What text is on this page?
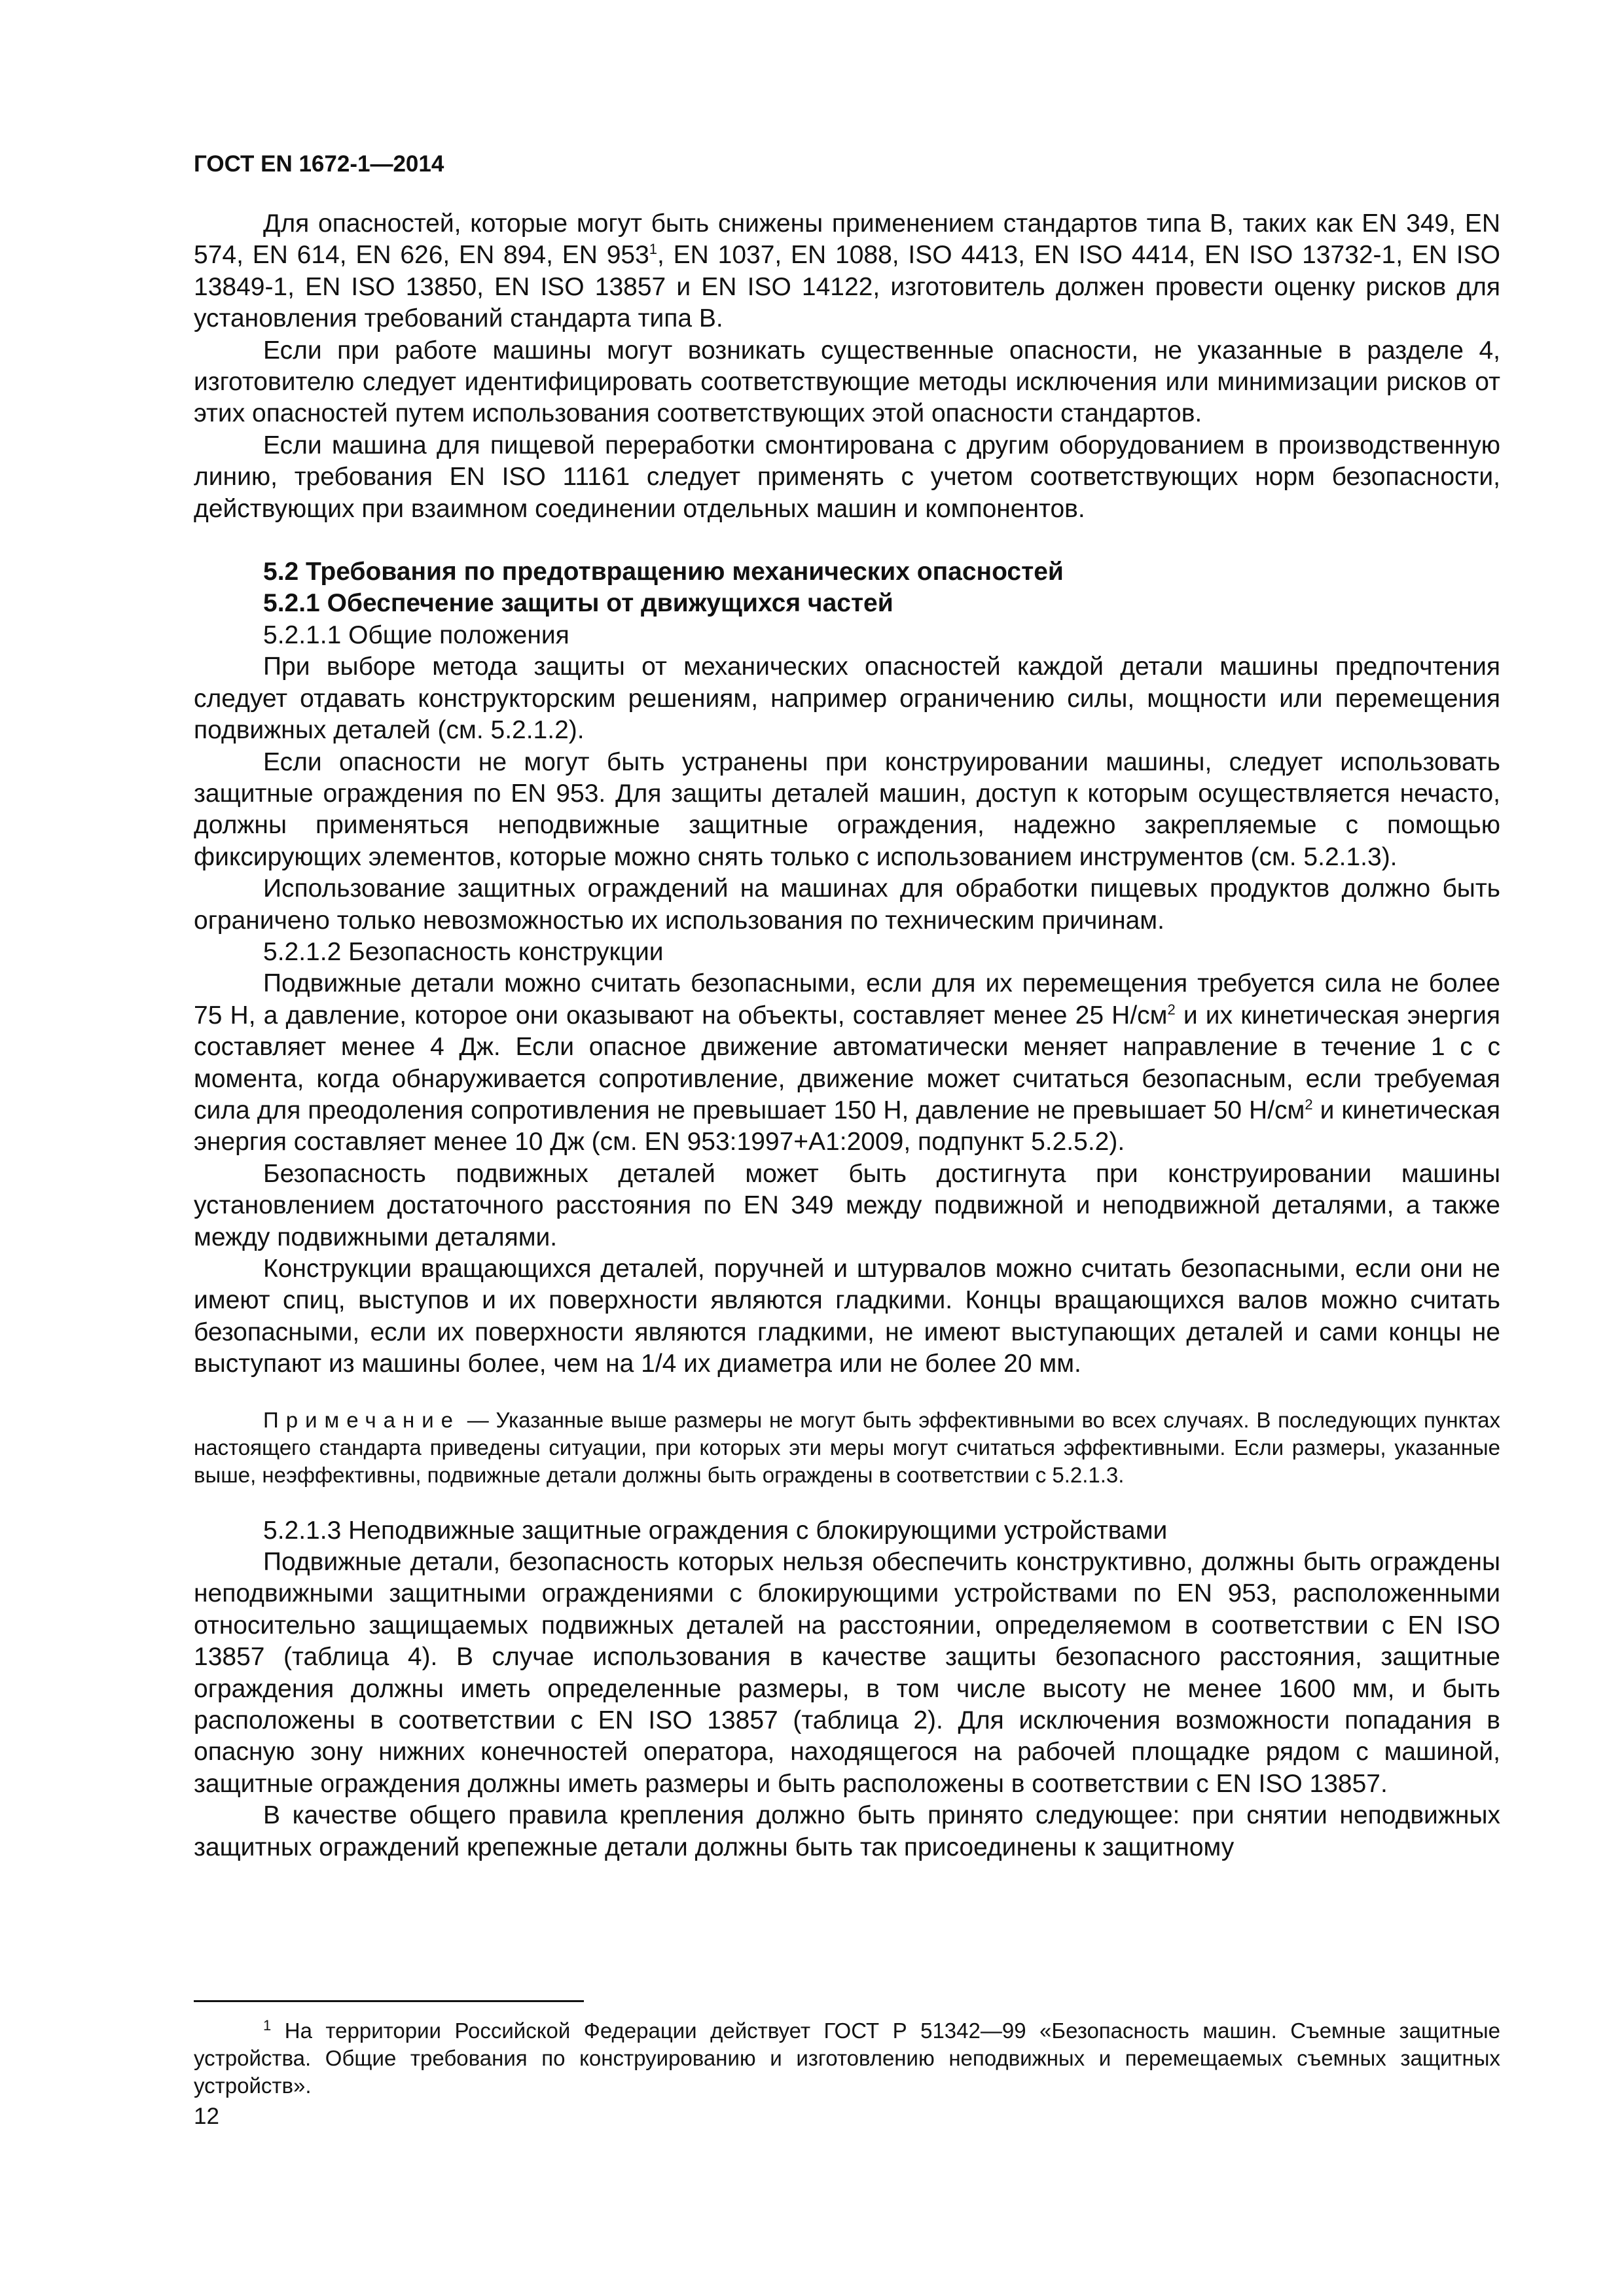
ГОСТ EN 1672-1—2014

Для опасностей, которые могут быть снижены применением стандартов типа B, таких как EN 349, EN 574, EN 614, EN 626, EN 894, EN $953^1$, EN 1037, EN 1088, ISO 4413, EN ISO 4414, EN ISO 13732-1, EN ISO 13849-1, EN ISO 13850, EN ISO 13857 и EN ISO 14122, изготовитель должен провести оценку рисков для установления требований стандарта типа B.

Если при работе машины могут возникать существенные опасности, не указанные в разделе 4, изготовителю следует идентифицировать соответствующие методы исключения или минимизации рисков от этих опасностей путем использования соответствующих этой опасности стандартов.

Если машина для пищевой переработки смонтирована с другим оборудованием в производственную линию, требования EN ISO 11161 следует применять с учетом соответствующих норм безопасности, действующих при взаимном соединении отдельных машин и компонентов.

5.2 Требования по предотвращению механических опасностей
5.2.1 Обеспечение защиты от движущихся частей
5.2.1.1 Общие положения

При выборе метода защиты от механических опасностей каждой детали машины предпочтения следует отдавать конструкторским решениям, например ограничению силы, мощности или перемещения подвижных деталей (см. 5.2.1.2).

Если опасности не могут быть устранены при конструировании машины, следует использовать защитные ограждения по EN 953. Для защиты деталей машин, доступ к которым осуществляется нечасто, должны применяться неподвижные защитные ограждения, надежно закрепляемые с помощью фиксирующих элементов, которые можно снять только с использованием инструментов (см. 5.2.1.3).

Использование защитных ограждений на машинах для обработки пищевых продуктов должно быть ограничено только невозможностью их использования по техническим причинам.

5.2.1.2 Безопасность конструкции

Подвижные детали можно считать безопасными, если для их перемещения требуется сила не более 75 Н, а давление, которое они оказывают на объекты, составляет менее 25 $Н/см^2$ и их кинетическая энергия составляет менее 4 Дж. Если опасное движение автоматически меняет направление в течение 1 с с момента, когда обнаруживается сопротивление, движение может считаться безопасным, если требуемая сила для преодоления сопротивления не превышает 150 Н, давление не превышает 50 $Н/см^2$ и кинетическая энергия составляет менее 10 Дж (см. EN 953:1997+A1:2009, подпункт 5.2.5.2).

Безопасность подвижных деталей может быть достигнута при конструировании машины установлением достаточного расстояния по EN 349 между подвижной и неподвижной деталями, а также между подвижными деталями.

Конструкции вращающихся деталей, поручней и штурвалов можно считать безопасными, если они не имеют спиц, выступов и их поверхности являются гладкими. Концы вращающихся валов можно считать безопасными, если их поверхности являются гладкими, не имеют выступающих деталей и сами концы не выступают из машины более, чем на 1/4 их диаметра или не более 20 мм.

Примечание — Указанные выше размеры не могут быть эффективными во всех случаях. В последующих пунктах настоящего стандарта приведены ситуации, при которых эти меры могут считаться эффективными. Если размеры, указанные выше, неэффективны, подвижные детали должны быть ограждены в соответствии с 5.2.1.3.

5.2.1.3 Неподвижные защитные ограждения с блокирующими устройствами

Подвижные детали, безопасность которых нельзя обеспечить конструктивно, должны быть ограждены неподвижными защитными ограждениями с блокирующими устройствами по EN 953, расположенными относительно защищаемых подвижных деталей на расстоянии, определяемом в соответствии с EN ISO 13857 (таблица 4). В случае использования в качестве защиты безопасного расстояния, защитные ограждения должны иметь определенные размеры, в том числе высоту не менее 1600 мм, и быть расположены в соответствии с EN ISO 13857 (таблица 2). Для исключения возможности попадания в опасную зону нижних конечностей оператора, находящегося на рабочей площадке рядом с машиной, защитные ограждения должны иметь размеры и быть расположены в соответствии с EN ISO 13857.

В качестве общего правила крепления должно быть принято следующее: при снятии неподвижных защитных ограждений крепежные детали должны быть так присоединены к защитному

$^1$ На территории Российской Федерации действует ГОСТ Р 51342—99 «Безопасность машин. Съемные защитные устройства. Общие требования по конструированию и изготовлению неподвижных и перемещаемых съемных защитных устройств».

12
